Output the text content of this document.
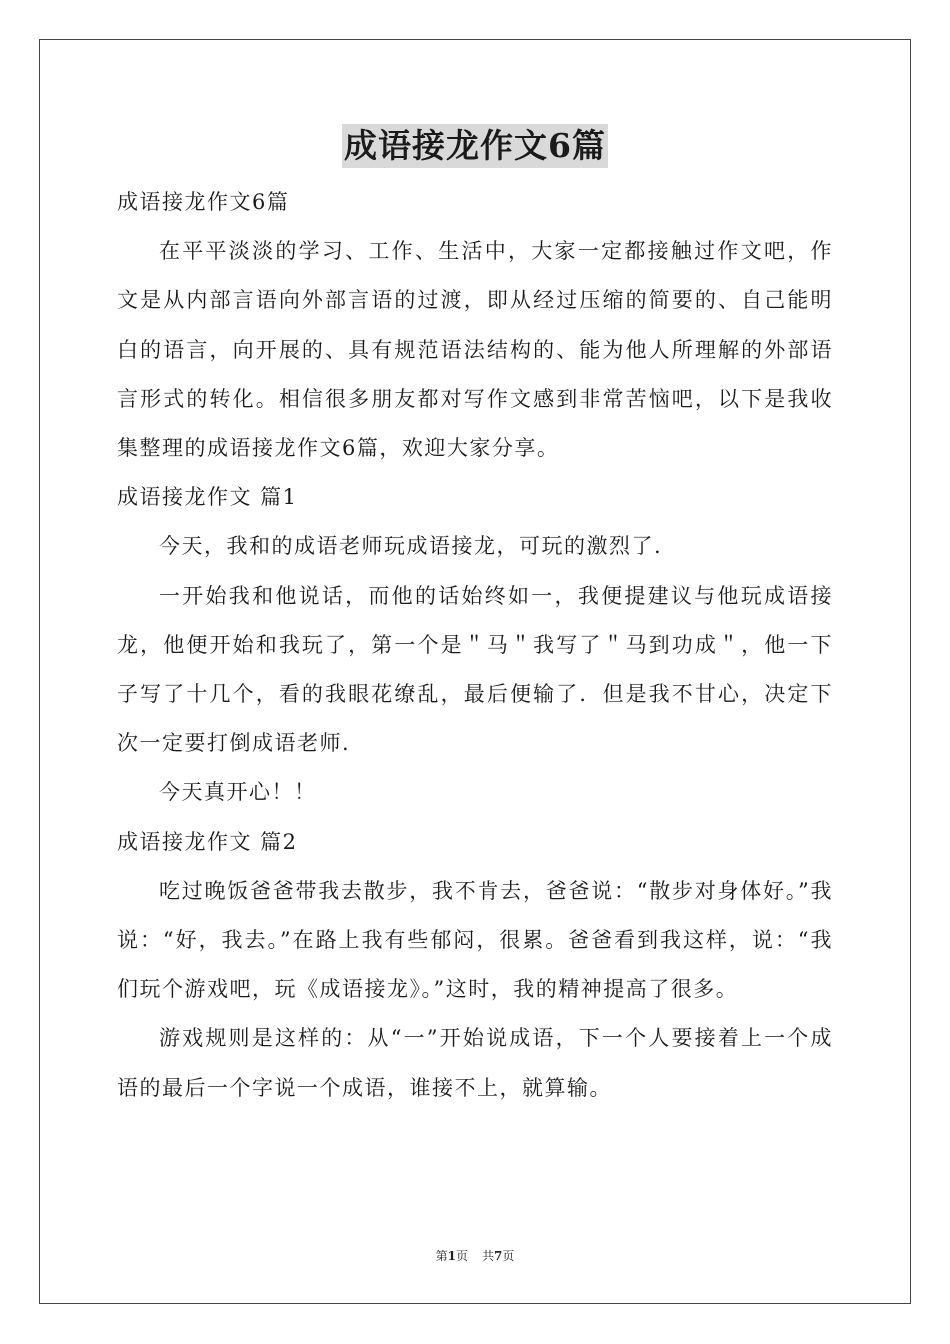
成语接龙作文6篇

成语接龙作文6篇

在平平淡淡的学习、工作、生活中，大家一定都接触过作文吧，作文是从内部言语向外部言语的过渡，即从经过压缩的简要的、自己能明白的语言，向开展的、具有规范语法结构的、能为他人所理解的外部语言形式的转化。相信很多朋友都对写作文感到非常苦恼吧，以下是我收集整理的成语接龙作文6篇，欢迎大家分享。

成语接龙作文 篇1

今天，我和的成语老师玩成语接龙，可玩的激烈了.

一开始我和他说话，而他的话始终如一，我便提建议与他玩成语接龙，他便开始和我玩了，第一个是＂马＂我写了＂马到功成＂，他一下子写了十几个，看的我眼花缭乱，最后便输了．但是我不甘心，决定下次一定要打倒成语老师.

今天真开心！！

成语接龙作文 篇2

吃过晚饭爸爸带我去散步，我不肯去，爸爸说：“散步对身体好。”我说：“好，我去。”在路上我有些郁闷，很累。爸爸看到我这样，说：“我们玩个游戏吧，玩《成语接龙》。”这时，我的精神提高了很多。

游戏规则是这样的：从“一”开始说成语，下一个人要接着上一个成语的最后一个字说一个成语，谁接不上，就算输。

第1页 共7页
